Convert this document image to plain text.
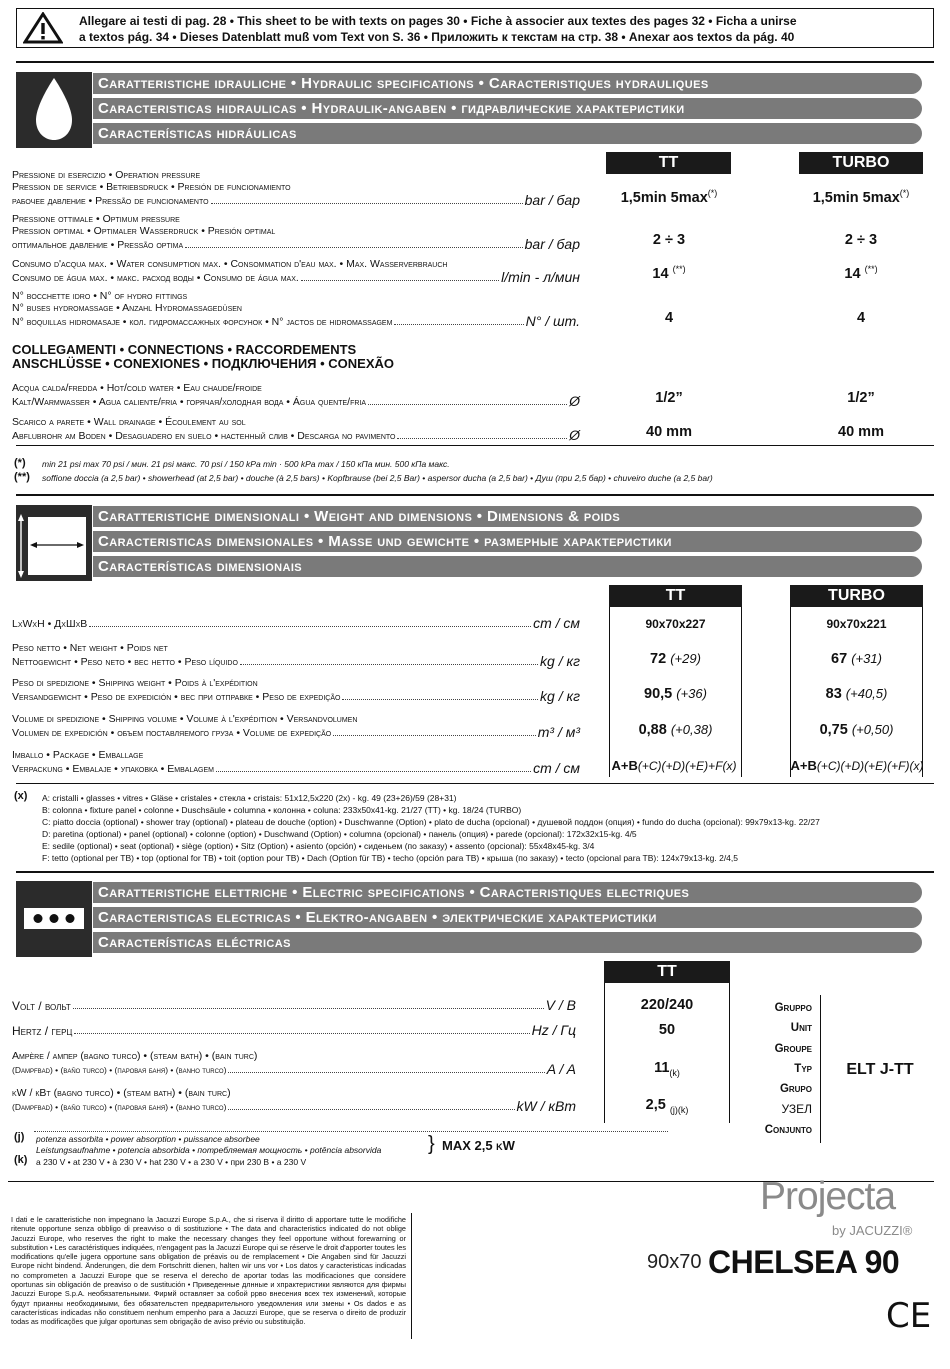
Allegare ai testi di pag. 28 • This sheet to be with texts on pages 30 • Fiche à associer aux textes des pages 32 • Ficha a unirse
a textos pág. 34 • Dieses Datenblatt muß vom Text von S. 36 • Приложить к текстам на стр. 38 • Anexar aos textos da pág. 40
Caratteristiche idrauliche • Hydraulic specifications • Caracteristiques hydrauliques
Caracteristicas hidraulicas • Hydraulik-angaben • гидравлические характеристики
Características hidráulicas
TT	TURBO
Pressione di esercizio • Operation pressure
Pression de service • Betriebsdruck • Presión de funcionamiento
рабочее давление • Pressão de funcionamento	bar / бар	1,5min 5max(*)	1,5min 5max(*)
Pressione ottimale • Optimum pressure
Pression optimal • Optimaler Wasserdruck • Presión optimal
оптимальное давление • Pressão optima	bar / бар	2 ÷ 3	2 ÷ 3
Consumo d'acqua max. • Water consumption max. • Consommation d'eau max. • Max. Wasserverbrauch
Consumo de água max. • макс. расход воды • Consumo de água max.	l/min - л/мин	14 (**)	14 (**)
N° bocchette idro • N° of hydro fittings
N° buses hydromassage • Anzahl Hydromassagedüsen
N° boquillas hidromasaje • кол. гидромассажных форсунок • N° jactos de hidromassagem	N° / шт.	4	4
COLLEGAMENTI • CONNECTIONS • RACCORDEMENTS
ANSCHLÜSSE • CONEXIONES • ПОДКЛЮЧЕНИЯ • CONEXÃO
Acqua calda/fredda • Hot/cold water • Eau chaude/froide
Kalt/Warmwasser • Agua caliente/fria • горячая/холодная вода • Água quente/fria	Ø	1/2”	1/2”
Scarico a parete • Wall drainage • Écoulement au sol
Abflubrohr am Boden • Desaguadero en suelo • настенный слив • Descarga no pavimento	Ø	40 mm	40 mm
(*) min 21 psi max 70 psi / мин. 21 psi макс. 70 psi / 150 kPa min · 500 kPa max / 150 кПа мин. 500 кПа макс.
(**) soffione doccia (a 2,5 bar) • showerhead (at 2,5 bar) • douche (à 2,5 bars) • Kopfbrause (bei 2,5 Bar) • aspersor ducha (a 2,5 bar) • Душ (при 2,5 бар) • chuveiro duche (a 2,5 bar)
Caratteristiche dimensionali • Weight and dimensions • Dimensions & poids
Caracteristicas dimensionales • Masse und gewichte • размерные характеристики
Características dimensionais
TT	TURBO
LxWxH • ДхШхВ	cm / см	90x70x227	90x70x221
Peso netto • Net weight • Poids net
Nettogewicht • Peso neto • вес нетто • Peso líquido	kg / кг	72 (+29)	67 (+31)
Peso di spedizione • Shipping weight • Poids à l'expédition
Versandgewicht • Peso de expedición • вес при отправке • Peso de expedição	kg / кг	90,5 (+36)	83 (+40,5)
Volume di spedizione • Shipping volume • Volume à l'expédition • Versandvolumen
Volumen de expedición • объем поставляемого груза • Volume de expedição	m³ / м³	0,88 (+0,38)	0,75 (+0,50)
Imballo • Package • Emballage
Verpackung • Embalaje • упаковка • Embalagem	cm / см	A+B(+C)(+D)(+E)+F(x)	A+B(+C)(+D)(+E)(+F)(x)
(x) A: cristalli • glasses • vitres • Gläse • cristales • стекла • cristais: 51x12,5x220 (2x) - kg. 49 (23+26)/59 (28+31)
B: colonna • fixture panel • colonne • Duschsäule • columna • колонна • coluna: 233x50x41-kg. 21/27 (TT) • kg. 18/24 (TURBO)
C: piatto doccia (optional) • shower tray (optional) • plateau de douche (option) • Duschwanne (Option) • plato de ducha (opcional) • душевой поддон (опция) • fundo do ducha (opcional): 99x79x13-kg. 22/27
D: paretina (optional) • panel (optional) • colonne (option) • Duschwand (Option) • columna (opcional) • панель (опция) • parede (opcional): 172x32x15-kg. 4/5
E: sedile (optional) • seat (optional) • siège (option) • Sitz (Option) • asiento (opción) • сиденьем (по заказу) • assento (opcional): 55x48x45-kg. 3/4
F: tetto (optional per TB) • top (optional for TB) • toit (option pour TB) • Dach (Option für TB) • techo (opción para TB) • крыша (по заказу) • tecto (opcional para TB): 124x79x13-kg. 2/4,5
Caratteristiche elettriche • Electric specifications • Caracteristiques electriques
Caracteristicas electricas • Elektro-angaben • электрические характеристики
Características eléctricas
TT
Volt / вольт	V / В	220/240
Hertz / герц	Hz / Гц	50
Ampère / ампер (bagno turco) • (steam bath) • (bain turc)
(Dampfbad) • (baño turco) • (паровая баня) • (banho turco)	A / A	$11_{(k)}$
kW / кВт (bagno turco) • (steam bath) • (bain turc)
(Dampfbad) • (baño turco) • (паровая баня) • (banho turco)	kW / кВт	2,5 $_{(j)(k)}$
Gruppo
Unit
Groupe
Typ
Grupo
УЗЕЛ
Conjunto
ELT J-TT
(j) potenza assorbita • power absorption • puissance absorbee
Leistungsaufnahme • potencia absorbida • потребляемая мощность • potência absorvida } MAX 2,5 kW
(k) a 230 V • at 230 V • à 230 V • hat 230 V • a 230 V • при 230 В • a 230 V
I dati e le caratteristiche non impegnano la Jacuzzi Europe S.p.A., che si riserva il diritto di apportare tutte le modifiche ritenute opportune senza obbligo di preavviso o di sostituzione • The data and characteristics indicated do not oblige Jacuzzi Europe, who reserves the right to make the necessary changes they feel opportune without forewarning or substitution • Les caractéristiques indiquées, n'engagent pas la Jacuzzi Europe qui se réserve le droit d'apporter toutes les modifications qu'elle jugera opportune sans obligation de préavis ou de remplacement • Die Angaben sind für Jacuzzi Europe nicht bindend. Änderungen, die dem Fortschritt dienen, halten wir uns vor • Los datos y caracteristicas indicadas no comprometen a Jacuzzi Europe que se reserva el derecho de aportar todas las modificaciones que considere oportunas sin obligación de preaviso o de sustitución • Приведенные длнные и хпрактеристики являются для фирмы Jacuzzi Europe S.p.A. необязательными. Фирмй оставляет эа собой ррво внесения всех тех изменений, которые будут прианны необходимыми, без обязательстеп предварительного уведомления или змены • Os dados e as características indicadas não constituem nenhum empenho para a Jacuzzi Europe, que se reserva o direito de produzir todas as modificações que julgar oportunas sem obrigação de aviso prévio ou substituição.
Projecta
by JACUZZI®
90x70 CHELSEA 90
CE
